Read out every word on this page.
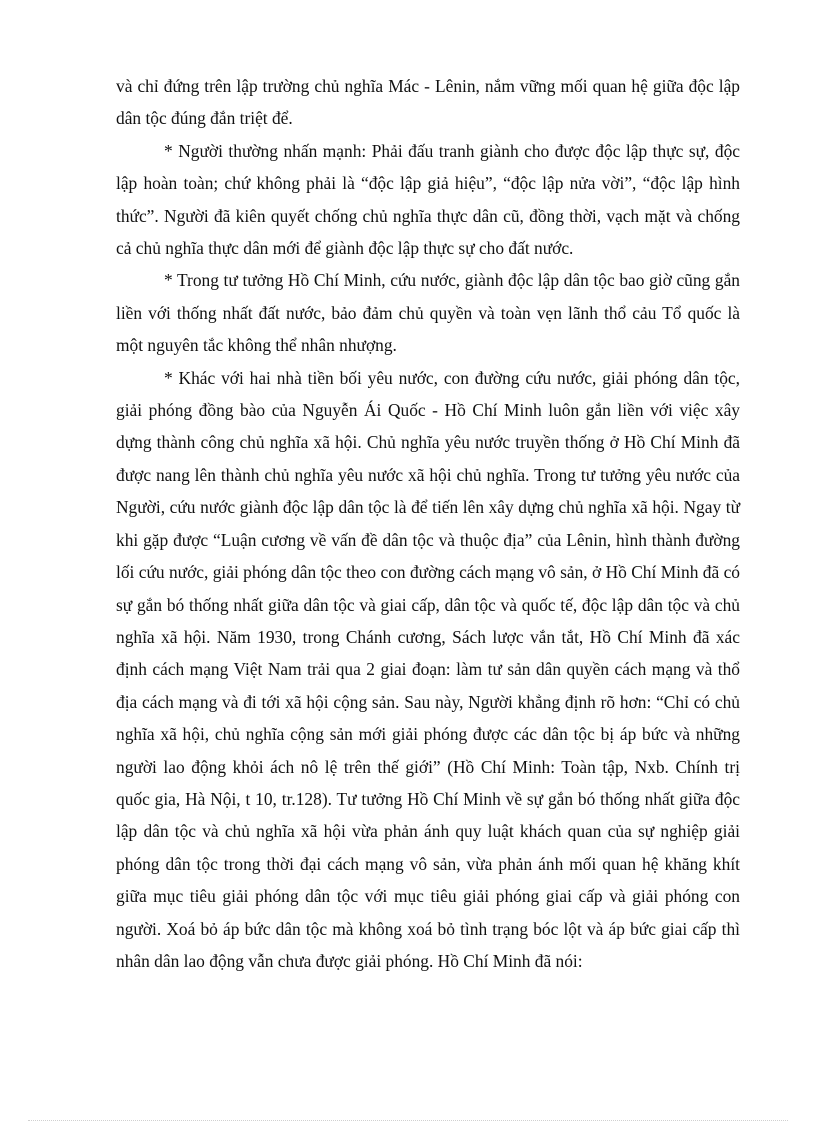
và chỉ đứng trên lập trường chủ nghĩa Mác - Lênin, nắm vững mối quan hệ giữa độc lập dân tộc đúng đắn triệt để.

* Người thường nhấn mạnh: Phải đấu tranh giành cho được độc lập thực sự, độc lập hoàn toàn; chứ không phải là “độc lập giả hiệu”, “độc lập nửa vời”, “độc lập hình thức”. Người đã kiên quyết chống chủ nghĩa thực dân cũ, đồng thời, vạch mặt và chống cả chủ nghĩa thực dân mới để giành độc lập thực sự cho đất nước.

* Trong tư tưởng Hồ Chí Minh, cứu nước, giành độc lập dân tộc bao giờ cũng gắn liền với thống nhất đất nước, bảo đảm chủ quyền và toàn vẹn lãnh thổ cảu Tổ quốc là một nguyên tắc không thể nhân nhượng.

* Khác với hai nhà tiền bối yêu nước, con đường cứu nước, giải phóng dân tộc, giải phóng đồng bào của Nguyễn Ái Quốc - Hồ Chí Minh luôn gắn liền với việc xây dựng thành công chủ nghĩa xã hội. Chủ nghĩa yêu nước truyền thống ở Hồ Chí Minh đã được nang lên thành chủ nghĩa yêu nước xã hội chủ nghĩa. Trong tư tưởng yêu nước của Người, cứu nước giành độc lập dân tộc là để tiến lên xây dựng chủ nghĩa xã hội. Ngay từ khi gặp được “Luận cương về vấn đề dân tộc và thuộc địa” của Lênin, hình thành đường lối cứu nước, giải phóng dân tộc theo con đường cách mạng vô sản, ở Hồ Chí Minh đã có sự gắn bó thống nhất giữa dân tộc và giai cấp, dân tộc và quốc tế, độc lập dân tộc và chủ nghĩa xã hội. Năm 1930, trong Chánh cương, Sách lược vắn tắt, Hồ Chí Minh đã xác định cách mạng Việt Nam trải qua 2 giai đoạn: làm tư sản dân quyền cách mạng và thổ địa cách mạng và đi tới xã hội cộng sản. Sau này, Người khẳng định rõ hơn: “Chỉ có chủ nghĩa xã hội, chủ nghĩa cộng sản mới giải phóng được các dân tộc bị áp bức và những người lao động khỏi ách nô lệ trên thế giới” (Hồ Chí Minh: Toàn tập, Nxb. Chính trị quốc gia, Hà Nội, t 10, tr.128). Tư tưởng Hồ Chí Minh về sự gắn bó thống nhất giữa độc lập dân tộc và chủ nghĩa xã hội vừa phản ánh quy luật khách quan của sự nghiệp giải phóng dân tộc trong thời đại cách mạng vô sản, vừa phản ánh mối quan hệ khăng khít giữa mục tiêu giải phóng dân tộc với mục tiêu giải phóng giai cấp và giải phóng con người. Xoá bỏ áp bức dân tộc mà không xoá bỏ tình trạng bóc lột và áp bức giai cấp thì nhân dân lao động vẫn chưa được giải phóng. Hồ Chí Minh đã nói:
